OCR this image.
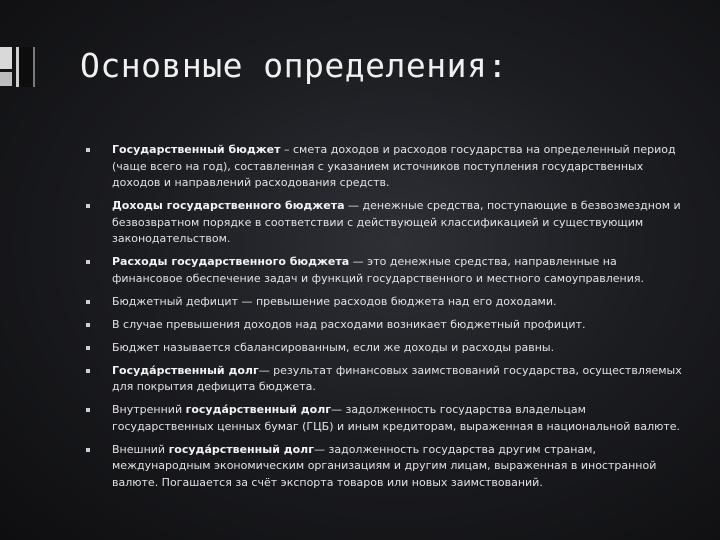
Основные определения:
Государственный бюджет – смета доходов и расходов государства на определенный период (чаще всего на год), составленная с указанием источников поступления государственных доходов и направлений расходования средств.
Доходы государственного бюджета — денежные средства, поступающие в безвозмездном и безвозвратном порядке в соответствии с действующей классификацией и существующим законодательством.
Расходы государственного бюджета — это денежные средства, направленные на финансовое обеспечение задач и функций государственного и местного самоуправления.
Бюджетный дефицит — превышение расходов бюджета над его доходами.
В случае превышения доходов над расходами возникает бюджетный профицит.
Бюджет называется сбалансированным, если же доходы и расходы равны.
Госуда́рственный долг— результат финансовых заимствований государства, осуществляемых для покрытия дефицита бюджета.
Внутренний госуда́рственный долг— задолженность государства владельцам государственных ценных бумаг (ГЦБ) и иным кредиторам, выраженная в национальной валюте.
Внешний госуда́рственный долг— задолженность государства другим странам, международным экономическим организациям и другим лицам, выраженная в иностранной валюте. Погашается за счёт экспорта товаров или новых заимствований.
